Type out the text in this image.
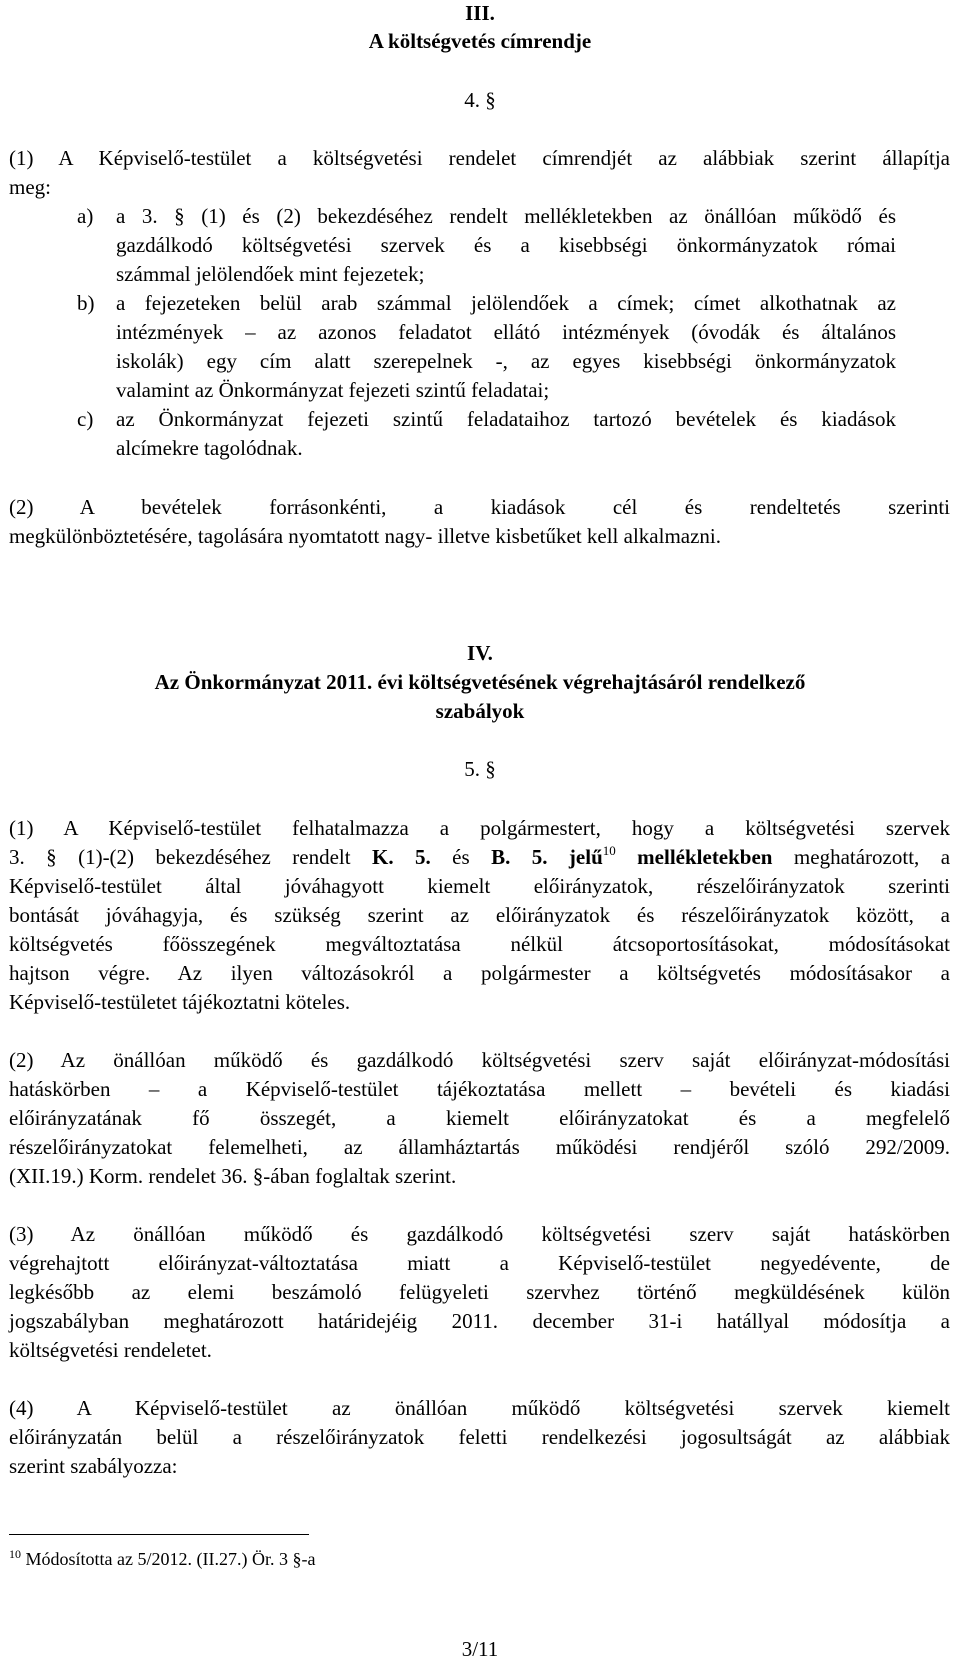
III.
A költségvetés címrendje
4. §
(1) A Képviselő-testület a költségvetési rendelet címrendjét az alábbiak szerint állapítja
meg:
a) a 3. § (1) és (2) bekezdéséhez rendelt mellékletekben az önállóan működő és
gazdálkodó költségvetési szervek és a kisebbségi önkormányzatok római
számmal jelölendőek mint fejezetek;
b) a fejezeteken belül arab számmal jelölendőek a címek; címet alkothatnak az
intézmények – az azonos feladatot ellátó intézmények (óvodák és általános
iskolák) egy cím alatt szerepelnek -, az egyes kisebbségi önkormányzatok
valamint az Önkormányzat fejezeti szintű feladatai;
c) az Önkormányzat fejezeti szintű feladataihoz tartozó bevételek és kiadások
alcímekre tagolódnak.
(2) A bevételek forrásonkénti, a kiadások cél és rendeltetés szerinti
megkülönböztetésére, tagolására nyomtatott nagy- illetve kisbetűket kell alkalmazni.
IV.
Az Önkormányzat 2011. évi költségvetésének végrehajtásáról rendelkező
szabályok
5. §
(1) A Képviselő-testület felhatalmazza a polgármestert, hogy a költségvetési szervek
3. § (1)-(2) bekezdéséhez rendelt K. 5. és B. 5. jelű$^{10}$ mellékletekben meghatározott, a
Képviselő-testület által jóváhagyott kiemelt előirányzatok, részelőirányzatok szerinti
bontását jóváhagyja, és szükség szerint az előirányzatok és részelőirányzatok között, a
költségvetés főösszegének megváltoztatása nélkül átcsoportosításokat, módosításokat
hajtson végre. Az ilyen változásokról a polgármester a költségvetés módosításakor a
Képviselő-testületet tájékoztatni köteles.
(2) Az önállóan működő és gazdálkodó költségvetési szerv saját előirányzat-módosítási
hatáskörben – a Képviselő-testület tájékoztatása mellett – bevételi és kiadási
előirányzatának fő összegét, a kiemelt előirányzatokat és a megfelelő
részelőirányzatokat felemelheti, az államháztartás működési rendjéről szóló 292/2009.
(XII.19.) Korm. rendelet 36. §-ában foglaltak szerint.
(3) Az önállóan működő és gazdálkodó költségvetési szerv saját hatáskörben
végrehajtott előirányzat-változtatása miatt a Képviselő-testület negyedévente, de
legkésőbb az elemi beszámoló felügyeleti szervhez történő megküldésének külön
jogszabályban meghatározott határidejéig 2011. december 31-i hatállyal módosítja a
költségvetési rendeletet.
(4) A Képviselő-testület az önállóan működő költségvetési szervek kiemelt
előirányzatán belül a részelőirányzatok feletti rendelkezési jogosultságát az alábbiak
szerint szabályozza:
$^{10}$ Módosította az 5/2012. (II.27.) Ör. 3 §-a
3/11
